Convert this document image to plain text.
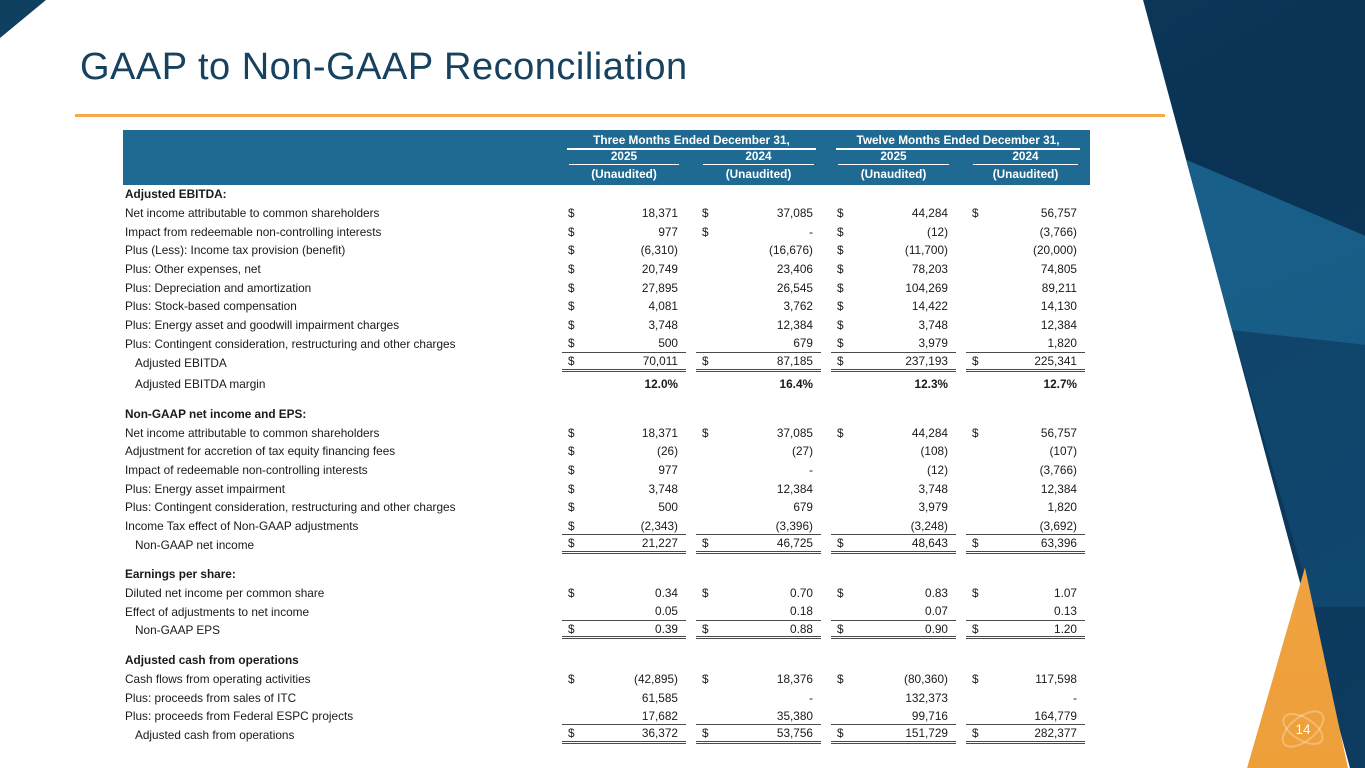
14
GAAP to Non-GAAP Reconciliation
Three Months Ended December 31,	Twelve Months Ended December 31,
2025	2024	2025	2024
(Unaudited)	(Unaudited)	(Unaudited)	(Unaudited)
Adjusted EBITDA:
Net income attributable to common shareholders	$	18,371 $	37,085 $	44,284 $	56,757
Impact from redeemable non-controlling interests	$	977 $	- $	(12)	(3,766)
Plus (Less): Income tax provision (benefit)	$	(6,310)	(16,676) $	(11,700)	(20,000)
Plus: Other expenses, net	$	20,749	23,406 $	78,203	74,805
Plus: Depreciation and amortization	$	27,895	26,545 $	104,269	89,211
Plus: Stock-based compensation	$	4,081	3,762 $	14,422	14,130
Plus: Energy asset and goodwill impairment charges	$	3,748	12,384 $	3,748	12,384
Plus: Contingent consideration, restructuring and other charges	$	500	679 $	3,979	1,820
Adjusted EBITDA	$	70,011 $	87,185 $	237,193 $	225,341
Adjusted EBITDA margin	12.0%	16.4%	12.3%	12.7%
Non-GAAP net income and EPS:
Net income attributable to common shareholders	$	18,371 $	37,085 $	44,284 $	56,757
Adjustment for accretion of tax equity financing fees	$	(26)	(27)	(108)	(107)
Impact of redeemable non-controlling interests	$	977	-	(12)	(3,766)
Plus: Energy asset impairment	$	3,748	12,384	3,748	12,384
Plus: Contingent consideration, restructuring and other charges	$	500	679	3,979	1,820
Income Tax effect of Non-GAAP adjustments	$	(2,343)	(3,396)	(3,248)	(3,692)
Non-GAAP net income	$	21,227 $	46,725 $	48,643 $	63,396
Earnings per share:
Diluted net income per common share	$	0.34 $	0.70 $	0.83 $	1.07
Effect of adjustments to net income	0.05	0.18	0.07	0.13
Non-GAAP EPS	$	0.39 $	0.88 $	0.90 $	1.20
Adjusted cash from operations
Cash flows from operating activities	$	(42,895) $	18,376 $	(80,360) $	117,598
Plus: proceeds from sales of ITC	61,585	-	132,373	-
Plus: proceeds from Federal ESPC projects	17,682	35,380	99,716	164,779
Adjusted cash from operations	$	36,372 $	53,756 $	151,729 $	282,377
